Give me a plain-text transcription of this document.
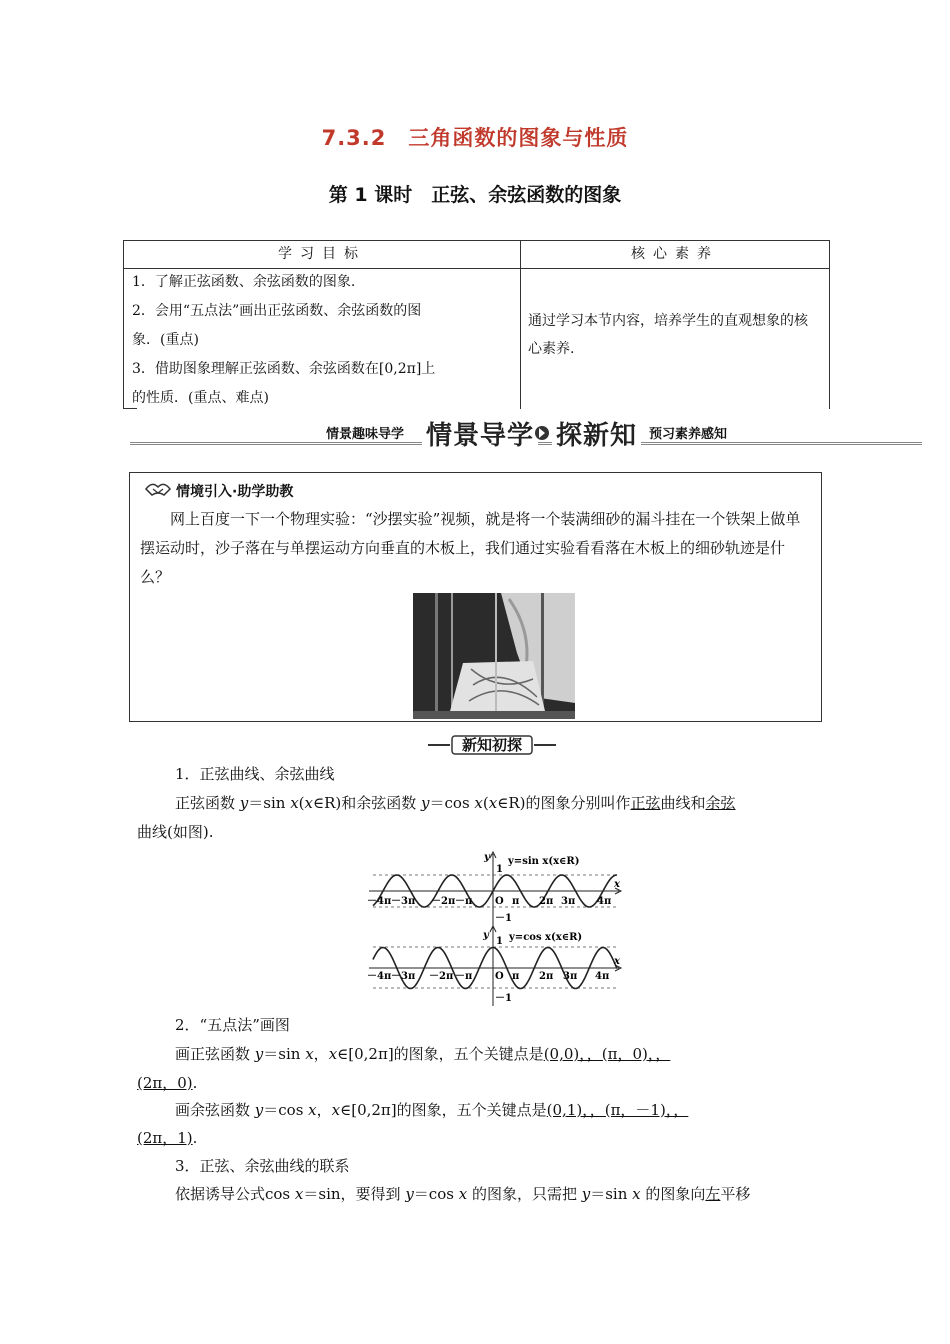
7.3.2　三角函数的图象与性质
第 1 课时　正弦、余弦函数的图象
学习目标	核心素养
1．了解正弦函数、余弦函数的图象.
2．会用“五点法”画出正弦函数、余弦函数的图
象．(重点)
3．借助图象理解正弦函数、余弦函数在[0,2π]上
的性质．(重点、难点)
通过学习本节内容，培养学生的直观想象的核心素养.
情景趣味导学 情景导学 探新知 预习素养感知
情境引入·助学助教
网上百度一下一个物理实验：“沙摆实验”视频，就是将一个装满细砂的漏斗挂在一个铁架上做单摆运动时，沙子落在与单摆运动方向垂直的木板上，我们通过实验看看落在木板上的细砂轨迹是什么？
新知初探
1．正弦曲线、余弦曲线
正弦函数 y＝sin x(x∈R)和余弦函数 y＝cos x(x∈R)的图象分别叫作正弦曲线和余弦
曲线(如图).
y
1
－1
y=sin x(x∈R)
x
－4π －3π －2π －π O π 2π 3π 4π
y
1
－1
y=cos x(x∈R)
x
－4π －3π －2π －π O π 2π 3π 4π
2．“五点法”画图
画正弦函数 y＝sin x，x∈[0,2π]的图象，五个关键点是(0,0)，，(π，0)，，
(2π，0).
画余弦函数 y＝cos x，x∈[0,2π]的图象，五个关键点是(0,1)，，(π，－1)，，
(2π，1).
3．正弦、余弦曲线的联系
依据诱导公式cos x＝sin，要得到 y＝cos x 的图象，只需把 y＝sin x 的图象向左平移
